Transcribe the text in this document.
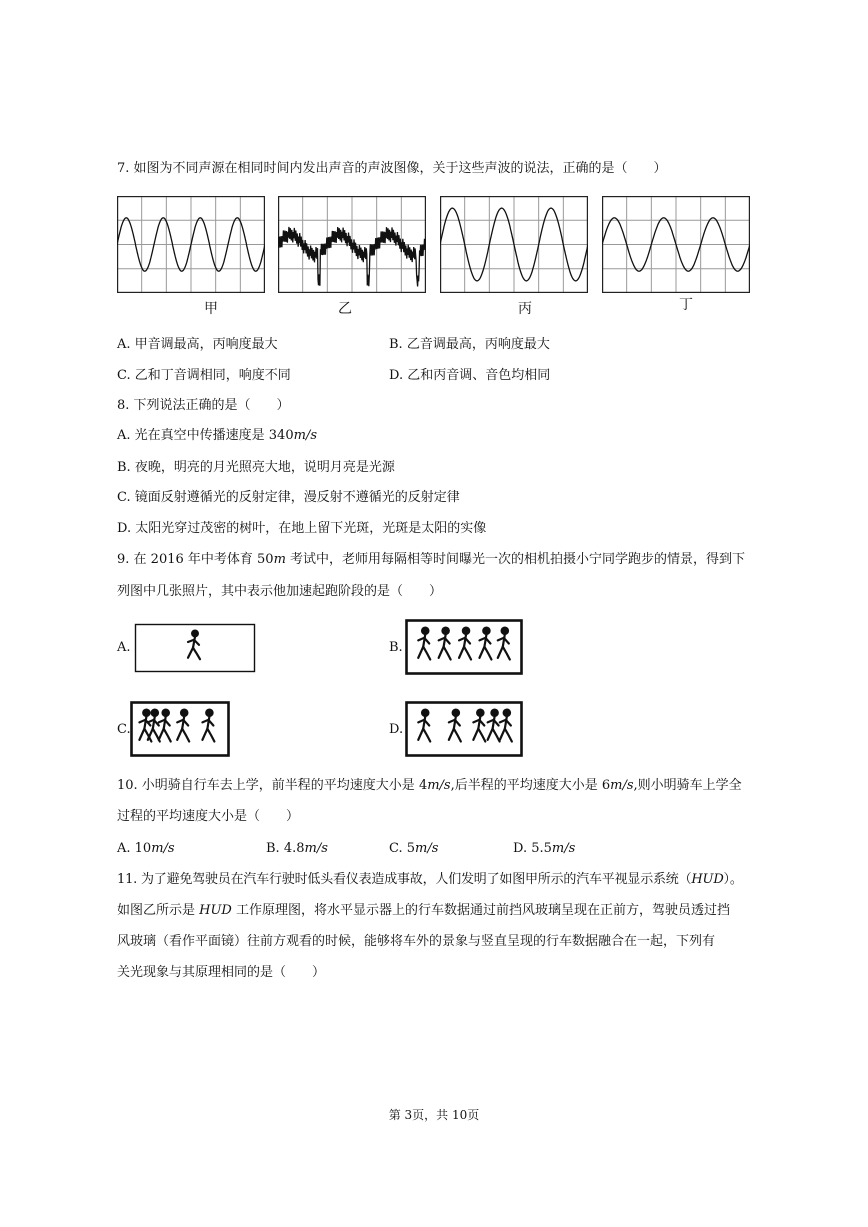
7. 如图为不同声源在相同时间内发出声音的声波图像，关于这些声波的说法，正确的是（　　）
甲	乙	丙	丁
A. 甲音调最高，丙响度最大	B. 乙音调最高，丙响度最大
C. 乙和丁音调相同，响度不同	D. 乙和丙音调、音色均相同
8. 下列说法正确的是（　　）
A. 光在真空中传播速度是 340m/s
B. 夜晚，明亮的月光照亮大地，说明月亮是光源
C. 镜面反射遵循光的反射定律，漫反射不遵循光的反射定律
D. 太阳光穿过茂密的树叶，在地上留下光斑，光斑是太阳的实像
9. 在 2016 年中考体育 50m 考试中，老师用每隔相等时间曝光一次的相机拍摄小宁同学跑步的情景，得到下
列图中几张照片，其中表示他加速起跑阶段的是（　　）
A.	B.
C.	D.
10. 小明骑自行车去上学，前半程的平均速度大小是 4m/s,后半程的平均速度大小是 6m/s,则小明骑车上学全
过程的平均速度大小是（　　）
A. 10m/s	B. 4.8m/s	C. 5m/s	D. 5.5m/s
11. 为了避免驾驶员在汽车行驶时低头看仪表造成事故，人们发明了如图甲所示的汽车平视显示系统（HUD）。
如图乙所示是 HUD 工作原理图，将水平显示器上的行车数据通过前挡风玻璃呈现在正前方，驾驶员透过挡
风玻璃（看作平面镜）往前方观看的时候，能够将车外的景象与竖直呈现的行车数据融合在一起，下列有
关光现象与其原理相同的是（　　）
第 3页，共 10页
